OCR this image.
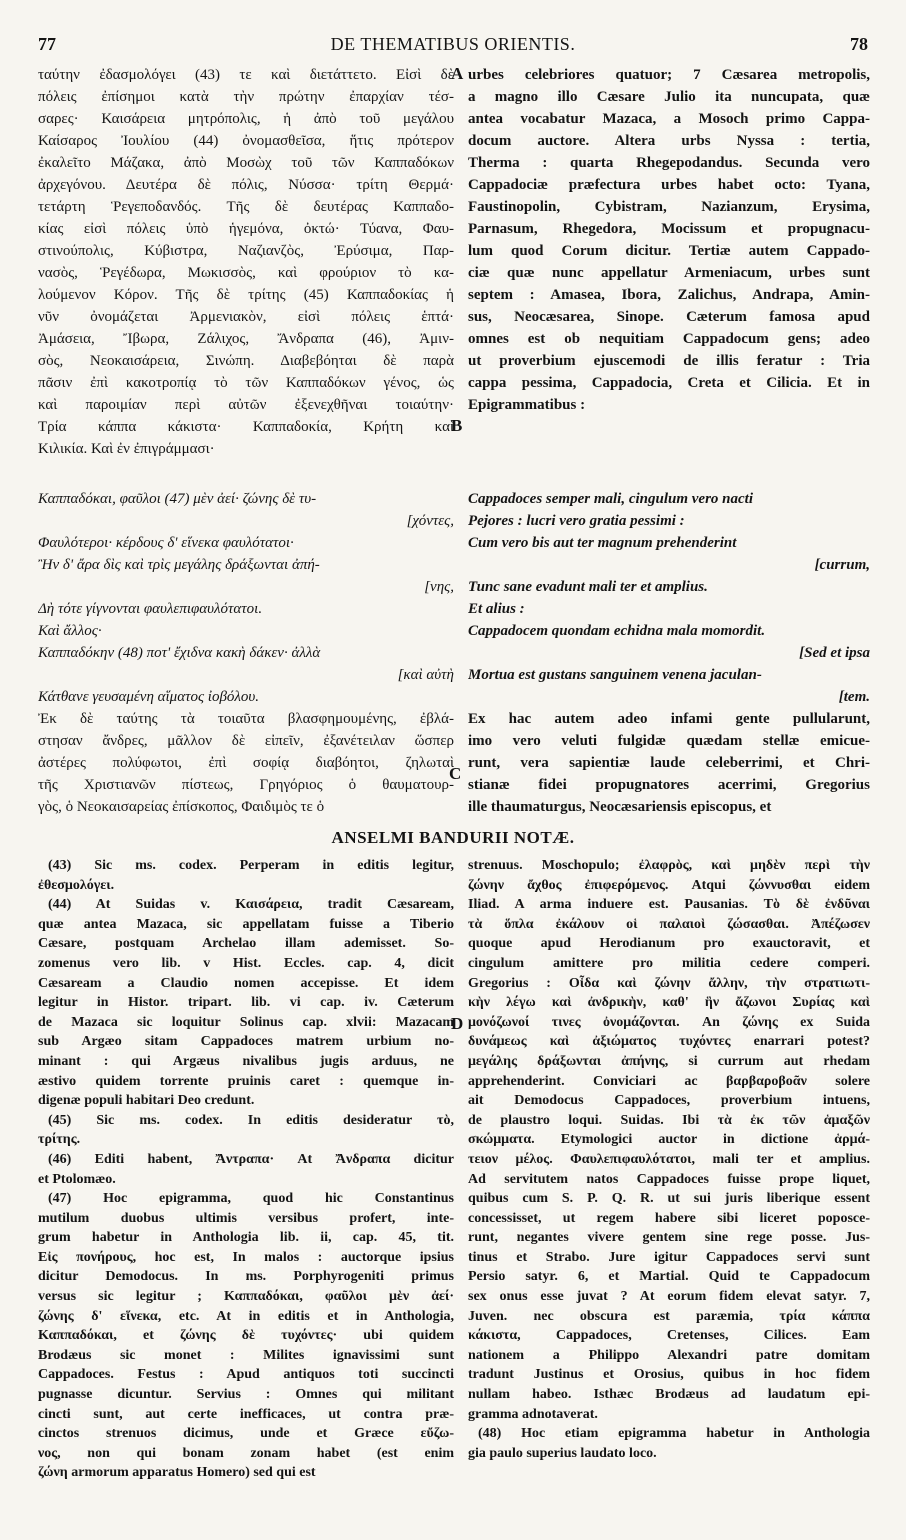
77	DE THEMATIBUS ORIENTIS.	78
ταύτην ἐδασμολόγει (43) τε καὶ διετάττετο. Εἰσὶ δὲ
πόλεις ἐπίσημοι κατὰ τὴν πρώτην ἐπαρχίαν τέσ-
σαρες· Καισάρεια μητρόπολις, ἡ ἀπὸ τοῦ μεγάλου
Καίσαρος Ἰουλίου (44) ὀνομασθεῖσα, ἥτις πρότερον
ἐκαλεῖτο Μάζακα, ἀπὸ Μοσὼχ τοῦ τῶν Καππαδόκων
ἀρχεγόνου. Δευτέρα δὲ πόλις, Νύσσα· τρίτη Θερμά·
τετάρτη Ῥεγεποδανδός. Τῆς δὲ δευτέρας Καππαδο-
κίας εἰσὶ πόλεις ὑπὸ ἡγεμόνα, ὀκτώ· Τύανα, Φαυ-
στινούπολις, Κύβιστρα, Ναζιανζὸς, Ἐρύσιμα, Παρ-
νασὸς, Ῥεγέδωρα, Μωκισσὸς, καὶ φρούριον τὸ κα-
λούμενον Κόρον. Τῆς δὲ τρίτης (45) Καππαδοκίας ἡ
νῦν ὀνομάζεται Ἀρμενιακὸν, εἰσὶ πόλεις ἑπτά·
Ἀμάσεια, Ἴβωρα, Ζάλιχος, Ἄνδραπα (46), Ἀμιν-
σὸς, Νεοκαισάρεια, Σινώπη. Διαβεβόηται δὲ παρὰ
πᾶσιν ἐπὶ κακοτροπίᾳ τὸ τῶν Καππαδόκων γένος, ὡς
καὶ παροιμίαν περὶ αὐτῶν ἐξενεχθῆναι τοιαύτην·
Τρία κάππα κάκιστα· Καππαδοκία, Κρήτη καὶ
Κιλικία. Καὶ ἐν ἐπιγράμμασι·
urbes celebriores quatuor; 7 Cæsarea metropolis,
a magno illo Cæsare Julio ita nuncupata, quæ
antea vocabatur Mazaca, a Mosoch primo Cappa-
docum auctore. Altera urbs Nyssa : tertia,
Therma : quarta Rhegepodandus. Secunda vero
Cappadociæ præfectura urbes habet octo: Tyana,
Faustinopolin, Cybistram, Nazianzum, Erysima,
Parnasum, Rhegedora, Mocissum et propugnacu-
lum quod Corum dicitur. Tertiæ autem Cappado-
ciæ quæ nunc appellatur Armeniacum, urbes sunt
septem : Amasea, Ibora, Zalichus, Andrapa, Amin-
sus, Neocæsarea, Sinope. Cæterum famosa apud
omnes est ob nequitiam Cappadocum gens; adeo
ut proverbium ejuscemodi de illis feratur : Tria
cappa pessima, Cappadocia, Creta et Cilicia. Et in
Epigrammatibus :
A
B
C
D
Καππαδόκαι, φαῦλοι (47) μὲν ἀεί· ζώνης δὲ τυ-
[χόντες,
Φαυλότεροι· κέρδους δ' εἵνεκα φαυλότατοι·
Ἢν δ' ἄρα δὶς καὶ τρὶς μεγάλης δράξωνται ἀπή-
[νης,
Δὴ τότε γίγνονται φαυλεπιφαυλότατοι.
Καὶ ἄλλος·
Καππαδόκην (48) ποτ' ἔχιδνα κακὴ δάκεν· ἀλλὰ
[καὶ αὐτὴ
Κάτθανε γευσαμένη αἵματος ἰοβόλου.
Cappadoces semper mali, cingulum vero nacti
Pejores : lucri vero gratia pessimi :
Cum vero bis aut ter magnum prehenderint
[currum,
Tunc sane evadunt mali ter et amplius.
Et alius :
Cappadocem quondam echidna mala momordit.
[Sed et ipsa
Mortua est gustans sanguinem venena jaculan-
[tem.
Ἐκ δὲ ταύτης τὰ τοιαῦτα βλασφημουμένης, ἐβλά-
στησαν ἄνδρες, μᾶλλον δὲ εἰπεῖν, ἐξανέτειλαν ὥσπερ
ἀστέρες πολύφωτοι, ἐπὶ σοφίᾳ διαβόητοι, ζηλωταὶ
τῆς Χριστιανῶν πίστεως, Γρηγόριος ὁ θαυματουρ-
γὸς, ὁ Νεοκαισαρείας ἐπίσκοπος, Φαιδιμὸς τε ὁ
Ex hac autem adeo infami gente pullularunt,
imo vero veluti fulgidæ quædam stellæ emicue-
runt, vera sapientiæ laude celeberrimi, et Chri-
stianæ fidei propugnatores acerrimi, Gregorius
ille thaumaturgus, Neocæsariensis episcopus, et
ANSELMI BANDURII NOTÆ.
(43) Sic ms. codex. Perperam in editis legitur,
ἐθεσμολόγει.
(44) At Suidas v. Καισάρεια, tradit Cæsaream,
quæ antea Mazaca, sic appellatam fuisse a Tiberio
Cæsare, postquam Archelao illam ademisset. So-
zomenus vero lib. v Hist. Eccles. cap. 4, dicit
Cæsaream a Claudio nomen accepisse. Et idem
legitur in Histor. tripart. lib. vi cap. iv. Cæterum
de Mazaca sic loquitur Solinus cap. xlvii: Mazacam
sub Argæo sitam Cappadoces matrem urbium no-
minant : qui Argæus nivalibus jugis arduus, ne
æstivo quidem torrente pruinis caret : quemque in-
digenæ populi habitari Deo credunt.
(45) Sic ms. codex. In editis desideratur τὸ,
τρίτης.
(46) Editi habent, Ἄντραπα· At Ἄνδραπα dicitur
et Ptolomæo.
(47) Hoc epigramma, quod hic Constantinus
mutilum duobus ultimis versibus profert, inte-
grum habetur in Anthologia lib. ii, cap. 45, tit.
Εἰς πονήρους, hoc est, In malos : auctorque ipsius
dicitur Demodocus. In ms. Porphyrogeniti primus
versus sic legitur ; Καππαδόκαι, φαῦλοι μὲν ἀεί·
ζώνης δ' εἵνεκα, etc. At in editis et in Anthologia,
Καππαδόκαι, et ζώνης δὲ τυχόντες· ubi quidem
Brodæus sic monet : Milites ignavissimi sunt
Cappadoces. Festus : Apud antiquos toti succincti
pugnasse dicuntur. Servius : Omnes qui militant
cincti sunt, aut certe inefficaces, ut contra præ-
cinctos strenuos dicimus, unde et Græce εὔζω-
νος, non qui bonam zonam habet (est enim
ζώνη armorum apparatus Homero) sed qui est
strenuus. Moschopulo; ἐλαφρὸς, καὶ μηδὲν περὶ τὴν
ζώνην ἄχθος ἐπιφερόμενος. Atqui ζώννυσθαι eidem
Iliad. A arma induere est. Pausanias. Τὸ δὲ ἐνδῦναι
τὰ ὅπλα ἐκάλουν οἱ παλαιοὶ ζώσασθαι. Ἀπέζωσεν
quoque apud Herodianum pro exauctoravit, et
cingulum amittere pro militia cedere comperi.
Gregorius : Οἶδα καὶ ζώνην ἄλλην, τὴν στρατιωτι-
κὴν λέγω καὶ ἀνδρικὴν, καθ' ἣν ἄζωνοι Συρίας καὶ
μονόζωνοί τινες ὀνομάζονται. An ζώνης ex Suida
δυνάμεως καὶ ἀξιώματος τυχόντες enarrari potest?
μεγάλης δράξωνται ἀπήνης, si currum aut rhedam
apprehenderint. Conviciari ac βαρβαροβοᾶν solere
ait Demodocus Cappadoces, proverbium intuens,
de plaustro loqui. Suidas. Ibi τὰ ἐκ τῶν ἁμαξῶν
σκώμματα. Etymologici auctor in dictione ἁρμά-
τειον μέλος. Φαυλεπιφαυλότατοι, mali ter et amplius.
Ad servitutem natos Cappadoces fuisse prope liquet,
quibus cum S. P. Q. R. ut sui juris liberique essent
concessisset, ut regem habere sibi liceret poposce-
runt, negantes vivere gentem sine rege posse. Jus-
tinus et Strabo. Jure igitur Cappadoces servi sunt
Persio satyr. 6, et Martial. Quid te Cappadocum
sex onus esse juvat ? At eorum fidem elevat satyr. 7,
Juven. nec obscura est paræmia, τρία κάππα
κάκιστα, Cappadoces, Cretenses, Cilices. Eam
nationem a Philippo Alexandri patre domitam
tradunt Justinus et Orosius, quibus in hoc fidem
nullam habeo. Isthæc Brodæus ad laudatum epi-
gramma adnotaverat.
(48) Hoc etiam epigramma habetur in Anthologia
gia paulo superius laudato loco.
